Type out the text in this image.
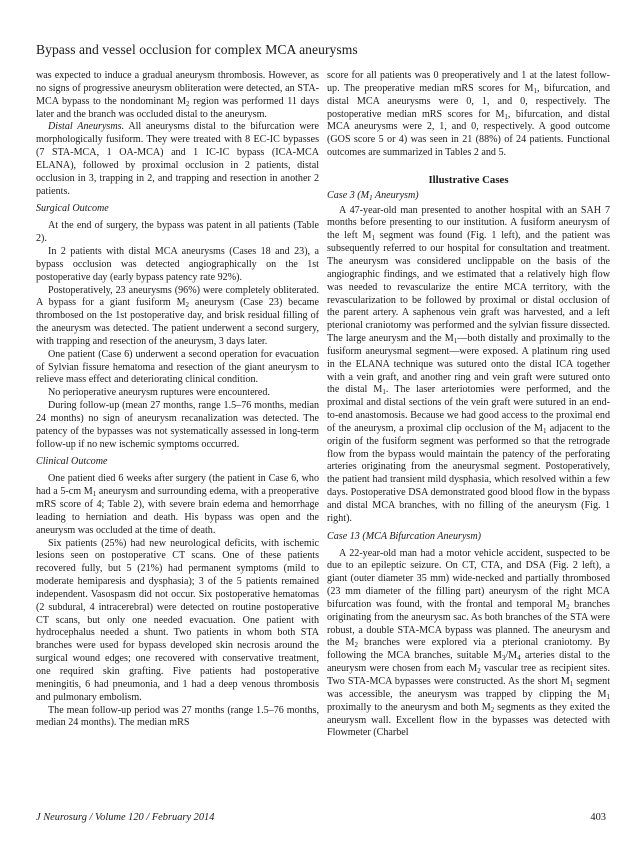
Bypass and vessel occlusion for complex MCA aneurysms

was expected to induce a gradual aneurysm thrombosis. However, as no signs of progressive aneurysm obliteration were detected, an STA-MCA bypass to the nondominant $M_2$ region was performed 11 days later and the branch was occluded distal to the aneurysm.

Distal Aneurysms. All aneurysms distal to the bifurcation were morphologically fusiform. They were treated with 8 EC-IC bypasses (7 STA-MCA, 1 OA-MCA) and 1 IC-IC bypass (ICA-MCA ELANA), followed by proximal occlusion in 2 patients, distal occlusion in 3, trapping in 2, and trapping and resection in another 2 patients.

Surgical Outcome

At the end of surgery, the bypass was patent in all patients (Table 2).

In 2 patients with distal MCA aneurysms (Cases 18 and 23), a bypass occlusion was detected angiographically on the 1st postoperative day (early bypass patency rate 92%).

Postoperatively, 23 aneurysms (96%) were completely obliterated. A bypass for a giant fusiform $M_2$ aneurysm (Case 23) became thrombosed on the 1st postoperative day, and brisk residual filling of the aneurysm was detected. The patient underwent a second surgery, with trapping and resection of the aneurysm, 3 days later.

One patient (Case 6) underwent a second operation for evacuation of Sylvian fissure hematoma and resection of the giant aneurysm to relieve mass effect and deteriorating clinical condition.

No perioperative aneurysm ruptures were encountered.

During follow-up (mean 27 months, range 1.5–76 months, median 24 months) no sign of aneurysm recanalization was detected. The patency of the bypasses was not systematically assessed in long-term follow-up if no new ischemic symptoms occurred.

Clinical Outcome

One patient died 6 weeks after surgery (the patient in Case 6, who had a 5-cm $M_1$ aneurysm and surrounding edema, with a preoperative mRS score of 4; Table 2), with severe brain edema and hemorrhage leading to herniation and death. His bypass was open and the aneurysm was occluded at the time of death.

Six patients (25%) had new neurological deficits, with ischemic lesions seen on postoperative CT scans. One of these patients recovered fully, but 5 (21%) had permanent symptoms (mild to moderate hemiparesis and dysphasia); 3 of the 5 patients remained independent. Vasospasm did not occur. Six postoperative hematomas (2 subdural, 4 intracerebral) were detected on routine postoperative CT scans, but only one needed evacuation. One patient with hydrocephalus needed a shunt. Two patients in whom both STA branches were used for bypass developed skin necrosis around the surgical wound edges; one recovered with conservative treatment, one required skin grafting. Five patients had postoperative meningitis, 6 had pneumonia, and 1 had a deep venous thrombosis and pulmonary embolism.

The mean follow-up period was 27 months (range 1.5–76 months, median 24 months). The median mRS

score for all patients was 0 preoperatively and 1 at the latest follow-up. The preoperative median mRS scores for $M_1$, bifurcation, and distal MCA aneurysms were 0, 1, and 0, respectively. The postoperative median mRS scores for $M_1$, bifurcation, and distal MCA aneurysms were 2, 1, and 0, respectively. A good outcome (GOS score 5 or 4) was seen in 21 (88%) of 24 patients. Functional outcomes are summarized in Tables 2 and 5.

Illustrative Cases
Case 3 ($M_1$ Aneurysm)

A 47-year-old man presented to another hospital with an SAH 7 months before presenting to our institution. A fusiform aneurysm of the left $M_1$ segment was found (Fig. 1 left), and the patient was subsequently referred to our hospital for consultation and treatment. The aneurysm was considered unclippable on the basis of the angiographic findings, and we estimated that a relatively high flow was needed to revascularize the entire MCA territory, with the revascularization to be followed by proximal or distal occlusion of the parent artery. A saphenous vein graft was harvested, and a left pterional craniotomy was performed and the sylvian fissure dissected. The large aneurysm and the $M_1—both$ distally and proximally to the fusiform aneurysmal segment—were exposed. A platinum ring used in the ELANA technique was sutured onto the distal ICA together with a vein graft, and another ring and vein graft were sutured onto the distal $M_1$. The laser arteriotomies were performed, and the proximal and distal sections of the vein graft were sutured in an end-to-end anastomosis. Because we had good access to the proximal end of the aneurysm, a proximal clip occlusion of the $M_1$ adjacent to the origin of the fusiform segment was performed so that the retrograde flow from the bypass would maintain the patency of the perforating arteries originating from the aneurysmal segment. Postoperatively, the patient had transient mild dysphasia, which resolved within a few days. Postoperative DSA demonstrated good blood flow in the bypass and distal MCA branches, with no filling of the aneurysm (Fig. 1 right).

Case 13 (MCA Bifurcation Aneurysm)

A 22-year-old man had a motor vehicle accident, suspected to be due to an epileptic seizure. On CT, CTA, and DSA (Fig. 2 left), a giant (outer diameter 35 mm) wide-necked and partially thrombosed (23 mm diameter of the filling part) aneurysm of the right MCA bifurcation was found, with the frontal and temporal $M_2$ branches originating from the aneurysm sac. As both branches of the STA were robust, a double STA-MCA bypass was planned. The aneurysm and the $M_2$ branches were explored via a pterional craniotomy. By following the MCA branches, suitable $M_3/M_4$ arteries distal to the aneurysm were chosen from each $M_2$ vascular tree as recipient sites. Two STA-MCA bypasses were constructed. As the short $M_1$ segment was accessible, the aneurysm was trapped by clipping the $M_1$ proximally to the aneurysm and both $M_2$ segments as they exited the aneurysm wall. Excellent flow in the bypasses was detected with Flowmeter (Charbel

J Neurosurg / Volume 120 / February 2014	403
